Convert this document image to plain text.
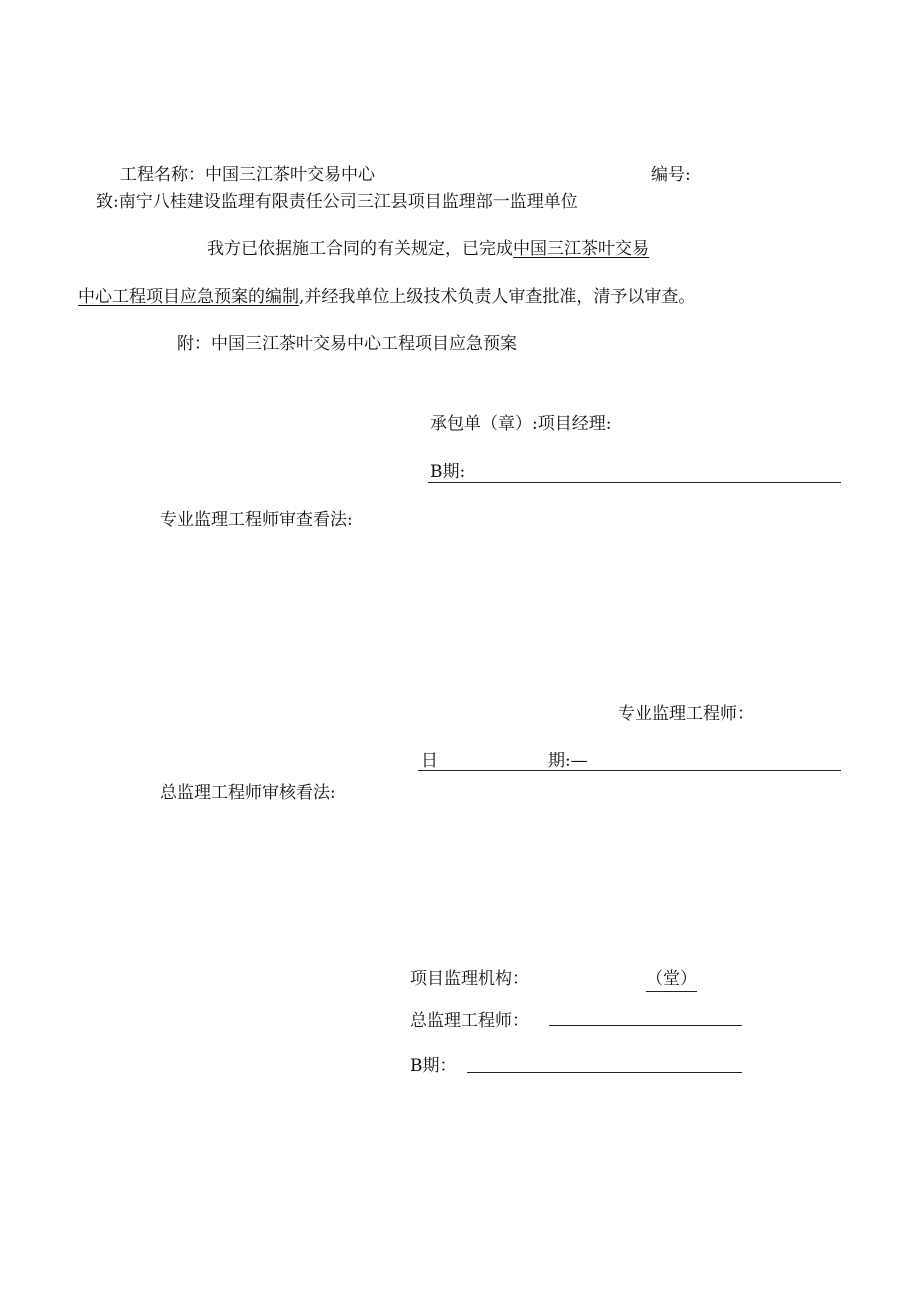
工程名称： 中国三江茶叶交易中心	编号:
致:南宁八桂建设监理有限责任公司三江县项目监理部一监理单位
我方已依据施工合同的有关规定，已完成中国三江茶叶交易
中心工程项目应急预案的编制,并经我单位上级技术负责人审查批准，清予以审查。
附：中国三江茶叶交易中心工程项目应急预案
承包单（章）:项目经理:
B期:
专业监理工程师审查看法:
专业监理工程师：
日	期:—
总监理工程师审核看法:
项目监理机构：	（堂）
总监理工程师：
B期：
